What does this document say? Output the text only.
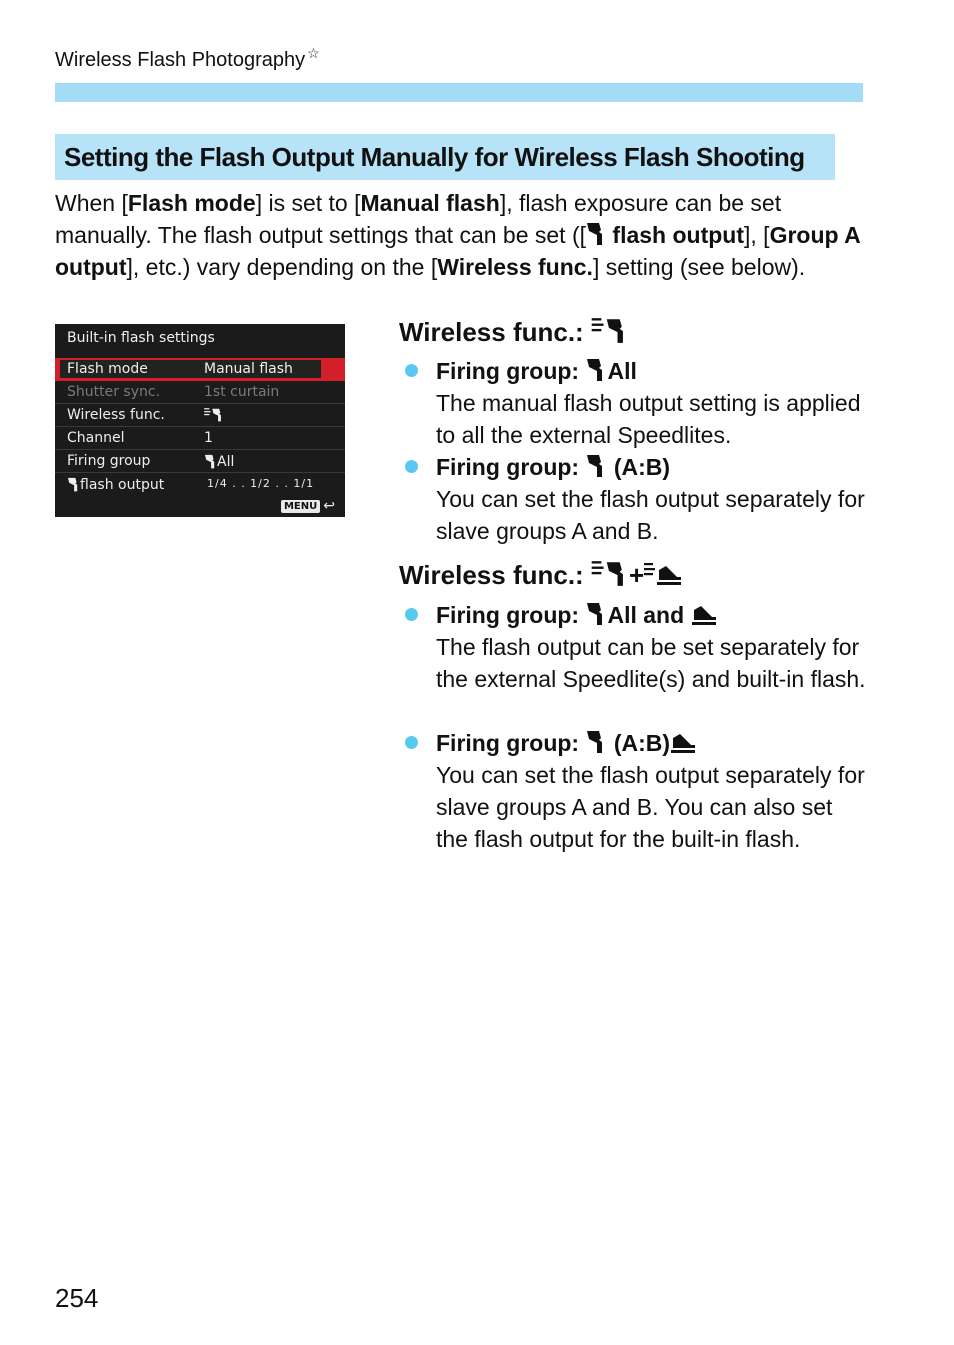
Wireless Flash Photography ☆
Setting the Flash Output Manually for Wireless Flash Shooting

When [Flash mode] is set to [Manual flash], flash exposure can be set manually. The flash output settings that can be set ([ flash output], [Group A output], etc.) vary depending on the [Wireless func.] setting (see below).

Built-in flash settings
Flash mode	Manual flash
Shutter sync.	1st curtain
Wireless func.
Channel	1
Firing group	All
flash output	1/4 . . 1/2 . . 1/1
MENU ↩
Wireless func.:
Firing group: All

The manual flash output setting is applied to all the external Speedlites.

Firing group: (A:B)

You can set the flash output separately for slave groups A and B.

Wireless func.: +
Firing group: All and

The flash output can be set separately for the external Speedlite(s) and built-in flash.

Firing group: (A:B)

You can set the flash output separately for slave groups A and B. You can also set the flash output for the built-in flash.

254
